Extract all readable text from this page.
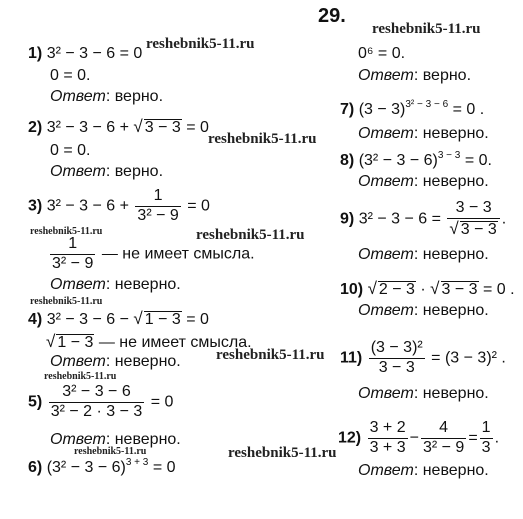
29.
reshebnik5-11.ru
reshebnik5-11.ru
reshebnik5-11.ru
reshebnik5-11.ru	reshebnik5-11.ru
reshebnik5-11.ru
reshebnik5-11.ru
reshebnik5-11.ru
reshebnik5-11.ru	reshebnik5-11.ru
1) 3² − 3 − 6 = 0
0 = 0.
Ответ: верно.
2) 3² − 3 − 6 + √ 3 − 3 = 0
0 = 0.
Ответ: верно.
3) $3^2 - 3 - 6 + \frac{1}{\text{3² − 9}} = 0$
$\frac{1}{\text{3² − 9}}$ — не имеет смысла.
Ответ: неверно.
4) 3² − 3 − 6 − √ 1 − 3 = 0
√ 1 − 3 — не имеет смысла.
Ответ: неверно.
$5) \frac{\text{3² − 3 − 6}}{\text{3² − 2 · 3 − 3}} = 0$
Ответ: неверно.
6) $(3^2 - 3 - 6)^{3 + 3} = 0$
0⁶ = 0.
Ответ: верно.
7) $(3 - 3)^{3^2 - 3 - 6} = 0$ .
Ответ: неверно.
8) $(3^2 - 3 - 6)^{3 - 3} = 0$.
Ответ: неверно.
9) $3^2 - 3 - 6 = \frac{3 - 3}{√ 3 - 3}$ .
Ответ: неверно.
10) √ 2 − 3 · √ 3 − 3 = 0 .
Ответ: неверно.
$11) \frac{\text{(3 − 3)²}}{3 - 3} = (3 - 3)^2$ .
Ответ: неверно.
$12) \frac{3 + 2}{3 + 3} - \frac{4}{\text{3² − 9}} = \frac{1}{3}$ .
Ответ: неверно.
